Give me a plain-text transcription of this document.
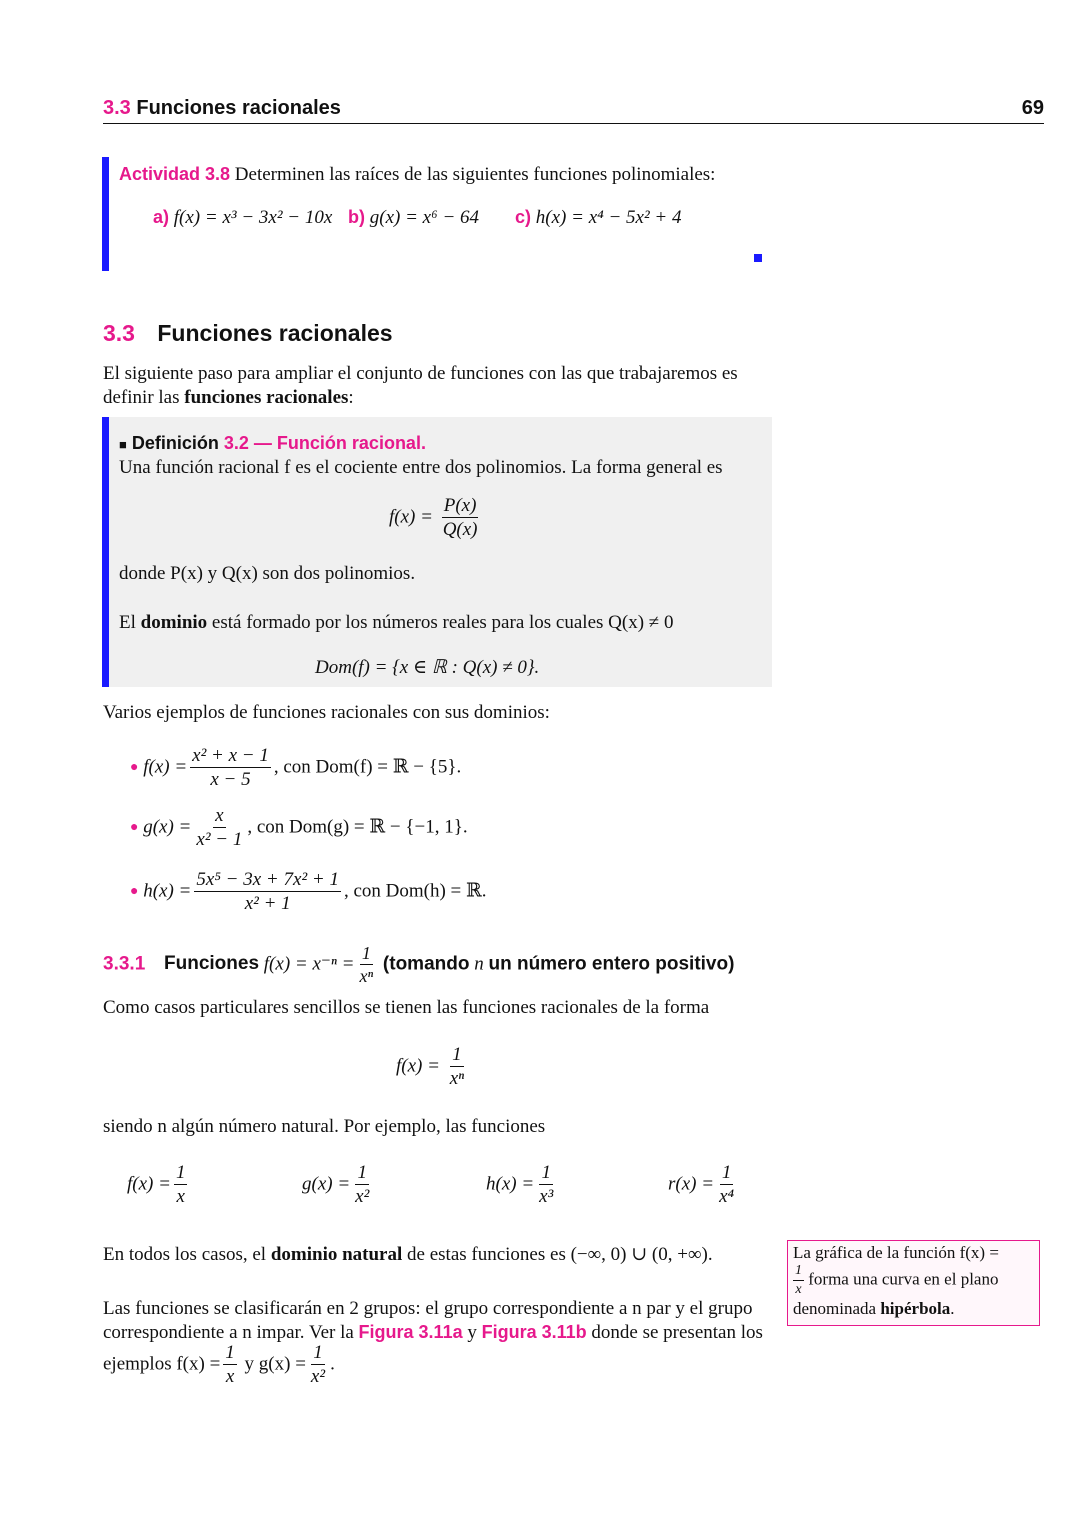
3.3 Funciones racionales	69
Actividad 3.8 Determinen las raíces de las siguientes funciones polinomiales:
a) f(x) = x³ − 3x² − 10x b) g(x) = x⁶ − 64 c) h(x) = x⁴ − 5x² + 4
3.3 Funciones racionales
El siguiente paso para ampliar el conjunto de funciones con las que trabajaremos es
definir las funciones racionales:
■ Definición 3.2 — Función racional.
Una función racional f es el cociente entre dos polinomios. La forma general es
$f(x) = \frac{P(x)}{Q(x)}$
donde P(x) y Q(x) son dos polinomios.
El dominio está formado por los números reales para los cuales Q(x) ≠ 0
Dom(f) = {x ∈ ℝ : Q(x) ≠ 0}.
Varios ejemplos de funciones racionales con sus dominios:
● $f(x) = \frac{\text{x² + x − 1}}{x - 5}$ , con Dom(f) = ℝ − {5}.
● $g(x) = \frac{x}{\text{x² − 1}}$ , con Dom(g) = ℝ − {−1, 1}.
● $h(x) = \frac{\text{5x⁵ − 3x + 7x² + 1}}{\text{x² + 1}}$ , con Dom(h) = ℝ.
3.3.1 Funciones $f(x) = x^{-n} = \frac{1}{\text{xⁿ}}$ (tomando n un número entero positivo)
Como casos particulares sencillos se tienen las funciones racionales de la forma
$f(x) = \frac{1}{\text{xⁿ}}$
siendo n algún número natural. Por ejemplo, las funciones
$f(x) = \frac{1}{x}$	$g(x) = \frac{1}{\text{x²}}$	$h(x) = \frac{1}{\text{x³}}$	$r(x) = \frac{1}{\text{x⁴}}$
En todos los casos, el dominio natural de estas funciones es (−∞, 0) ∪ (0, +∞).
Las funciones se clasificarán en 2 grupos: el grupo correspondiente a n par y el grupo
correspondiente a n impar. Ver la Figura 3.11a y Figura 3.11b donde se presentan los
ejemplos $f(x) = \frac{1}{x}$ y $g(x) = \frac{1}{\text{x²}}$ .
La gráfica de la función f(x) =
$\frac{1}{x}$ forma una curva en el plano
denominada hipérbola.
